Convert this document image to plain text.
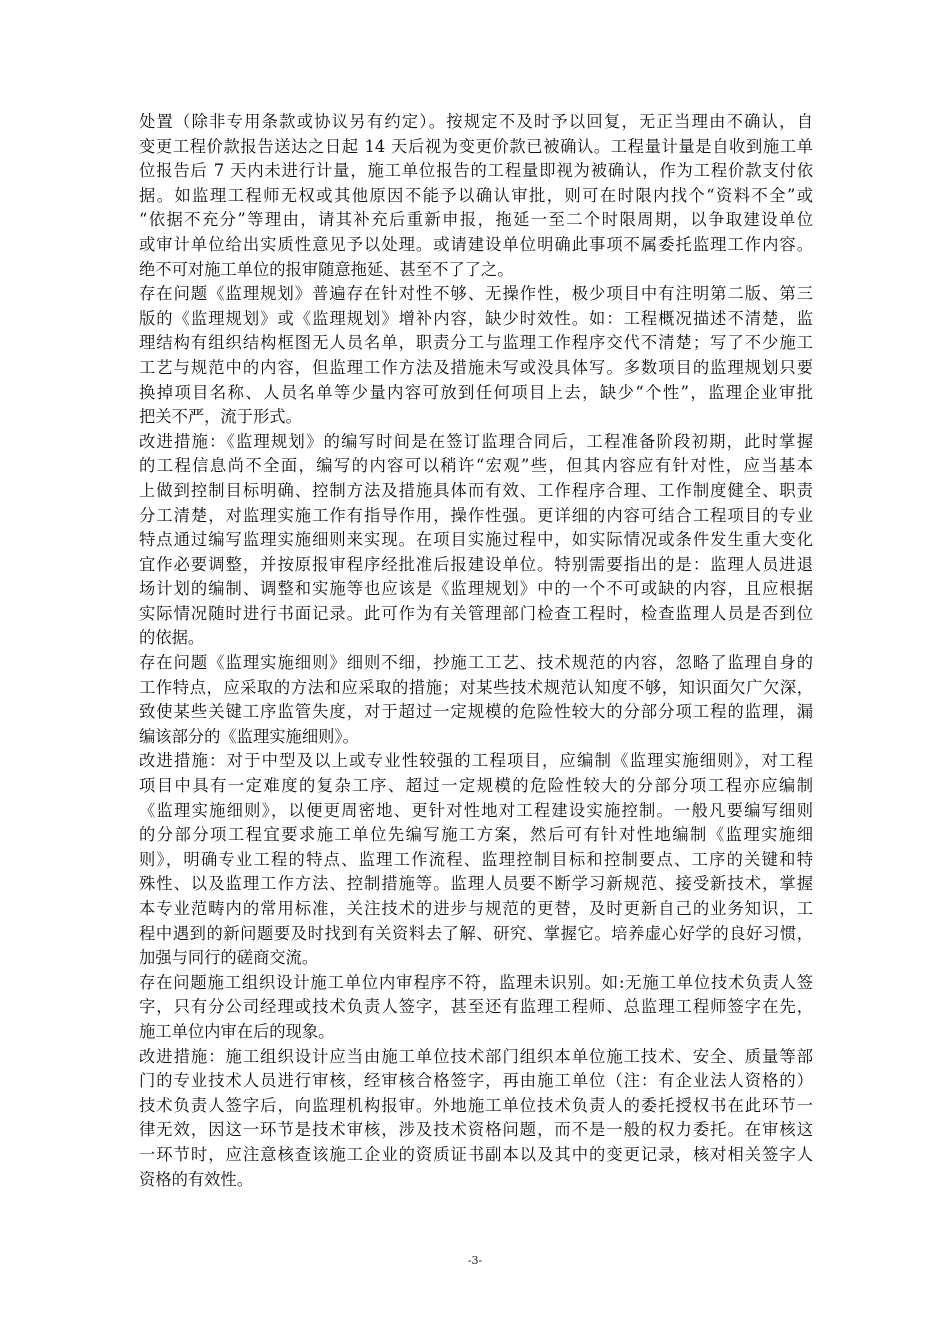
处置（除非专用条款或协议另有约定）。按规定不及时予以回复，无正当理由不确认，自
变更工程价款报告送达之日起 14 天后视为变更价款已被确认。工程量计量是自收到施工单
位报告后 7 天内未进行计量，施工单位报告的工程量即视为被确认，作为工程价款支付依
据。如监理工程师无权或其他原因不能予以确认审批，则可在时限内找个“资料不全”或
“依据不充分”等理由，请其补充后重新申报，拖延一至二个时限周期，以争取建设单位
或审计单位给出实质性意见予以处理。或请建设单位明确此事项不属委托监理工作内容。
绝不可对施工单位的报审随意拖延、甚至不了了之。
存在问题《监理规划》普遍存在针对性不够、无操作性，极少项目中有注明第二版、第三
版的《监理规划》或《监理规划》增补内容，缺少时效性。如：工程概况描述不清楚，监
理结构有组织结构框图无人员名单，职责分工与监理工作程序交代不清楚；写了不少施工
工艺与规范中的内容，但监理工作方法及措施未写或没具体写。多数项目的监理规划只要
换掉项目名称、人员名单等少量内容可放到任何项目上去，缺少“个性”，监理企业审批
把关不严，流于形式。
改进措施：《监理规划》的编写时间是在签订监理合同后，工程准备阶段初期，此时掌握
的工程信息尚不全面，编写的内容可以稍许“宏观”些，但其内容应有针对性，应当基本
上做到控制目标明确、控制方法及措施具体而有效、工作程序合理、工作制度健全、职责
分工清楚，对监理实施工作有指导作用，操作性强。更详细的内容可结合工程项目的专业
特点通过编写监理实施细则来实现。在项目实施过程中，如实际情况或条件发生重大变化
宜作必要调整，并按原报审程序经批准后报建设单位。特别需要指出的是：监理人员进退
场计划的编制、调整和实施等也应该是《监理规划》中的一个不可或缺的内容，且应根据
实际情况随时进行书面记录。此可作为有关管理部门检查工程时，检查监理人员是否到位
的依据。
存在问题《监理实施细则》细则不细，抄施工工艺、技术规范的内容，忽略了监理自身的
工作特点，应采取的方法和应采取的措施；对某些技术规范认知度不够，知识面欠广欠深，
致使某些关键工序监管失度，对于超过一定规模的危险性较大的分部分项工程的监理，漏
编该部分的《监理实施细则》。
改进措施：对于中型及以上或专业性较强的工程项目，应编制《监理实施细则》，对工程
项目中具有一定难度的复杂工序、超过一定规模的危险性较大的分部分项工程亦应编制
《监理实施细则》，以便更周密地、更针对性地对工程建设实施控制。一般凡要编写细则
的分部分项工程宜要求施工单位先编写施工方案，然后可有针对性地编制《监理实施细
则》，明确专业工程的特点、监理工作流程、监理控制目标和控制要点、工序的关键和特
殊性、以及监理工作方法、控制措施等。监理人员要不断学习新规范、接受新技术，掌握
本专业范畴内的常用标准，关注技术的进步与规范的更替，及时更新自己的业务知识，工
程中遇到的新问题要及时找到有关资料去了解、研究、掌握它。培养虚心好学的良好习惯，
加强与同行的磋商交流。
存在问题施工组织设计施工单位内审程序不符，监理未识别。如:无施工单位技术负责人签
字，只有分公司经理或技术负责人签字，甚至还有监理工程师、总监理工程师签字在先，
施工单位内审在后的现象。
改进措施：施工组织设计应当由施工单位技术部门组织本单位施工技术、安全、质量等部
门的专业技术人员进行审核，经审核合格签字，再由施工单位（注：有企业法人资格的）
技术负责人签字后，向监理机构报审。外地施工单位技术负责人的委托授权书在此环节一
律无效，因这一环节是技术审核，涉及技术资格问题，而不是一般的权力委托。在审核这
一环节时，应注意核查该施工企业的资质证书副本以及其中的变更记录，核对相关签字人
资格的有效性。
-3-
